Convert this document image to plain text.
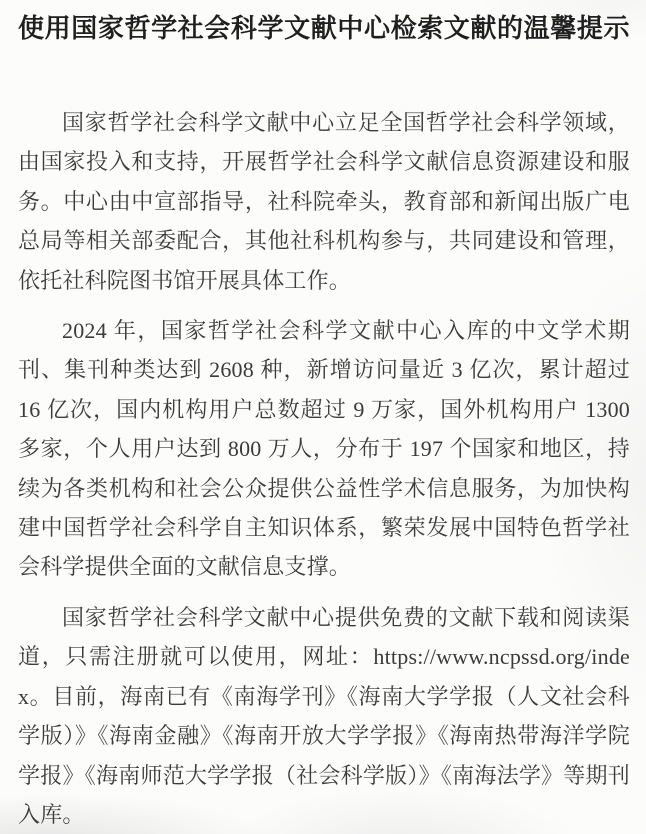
使用国家哲学社会科学文献中心检索文献的温馨提示

国家哲学社会科学文献中心立足全国哲学社会科学领域，由国家投入和支持，开展哲学社会科学文献信息资源建设和服务。中心由中宣部指导，社科院牵头，教育部和新闻出版广电总局等相关部委配合，其他社科机构参与，共同建设和管理，依托社科院图书馆开展具体工作。

2024 年，国家哲学社会科学文献中心入库的中文学术期刊、集刊种类达到 2608 种，新增访问量近 3 亿次，累计超过 16 亿次，国内机构用户总数超过 9 万家，国外机构用户 1300 多家，个人用户达到 800 万人，分布于 197 个国家和地区，持续为各类机构和社会公众提供公益性学术信息服务，为加快构建中国哲学社会科学自主知识体系，繁荣发展中国特色哲学社会科学提供全面的文献信息支撑。

国家哲学社会科学文献中心提供免费的文献下载和阅读渠道，只需注册就可以使用，网址：https://www.ncpssd.org/index。目前，海南已有《南海学刊》《海南大学学报（人文社会科学版）》《海南金融》《海南开放大学学报》《海南热带海洋学院学报》《海南师范大学学报（社会科学版）》《南海法学》等期刊入库。
